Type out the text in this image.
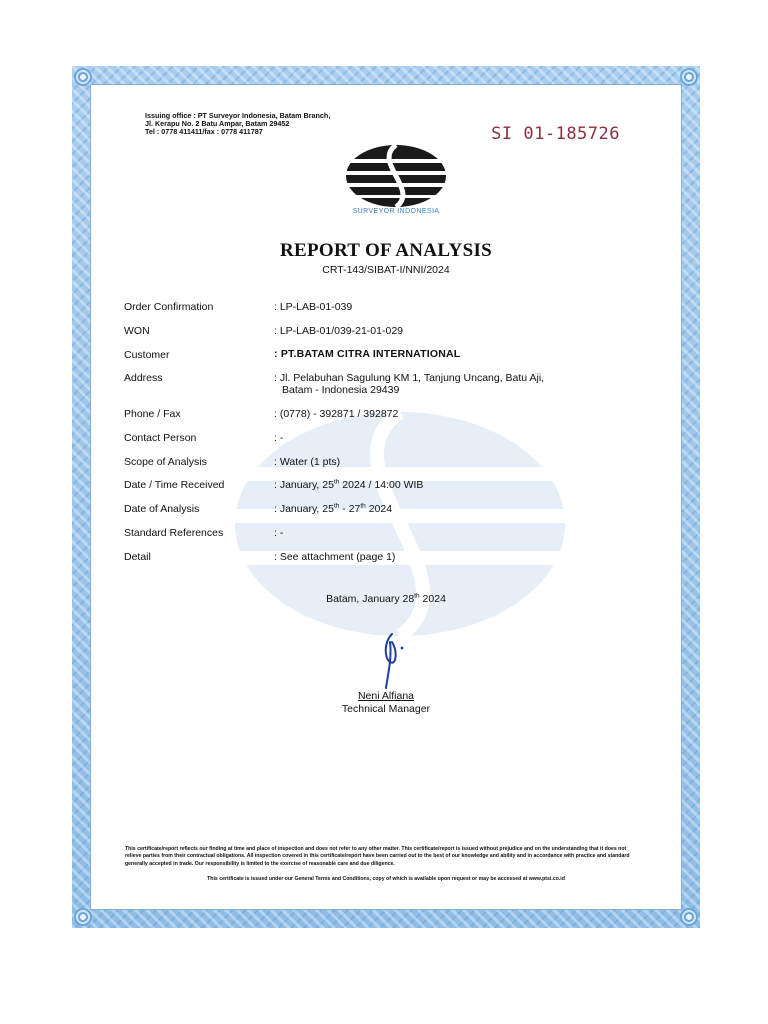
Issuing office : PT Surveyor Indonesia, Batam Branch,
Jl. Kerapu No. 2 Batu Ampar, Batam 29452
Tel : 0778 411411/fax : 0778 411787	SI 01-185726
SURVEYOR INDONESIA
REPORT OF ANALYSIS
CRT-143/SIBAT-I/NNI/2024
Order Confirmation	: LP-LAB-01-039
WON	: LP-LAB-01/039-21-01-029
Customer	: PT.BATAM CITRA INTERNATIONAL
Address	: Jl. Pelabuhan Sagulung KM 1, Tanjung Uncang, Batu Aji,
Batam - Indonesia 29439
Phone / Fax	: (0778) - 392871 / 392872
Contact Person	: -
Scope of Analysis	: Water (1 pts)
Date / Time Received	: January, 25th 2024 / 14:00 WIB
Date of Analysis	: January, 25th - 27th 2024
Standard References	: -
Detail	: See attachment (page 1)
Batam, January 28th 2024
Neni Alfiana
Technical Manager
This certificate/report reflects our finding at time and place of inspection and does not refer to any other matter. This certificate/report is issued without prejudice and on the understanding that it does not relieve parties from their contractual obligations. All inspection covered in this certificate/report have been carried out to the best of our knowledge and ability and in accordance with practice and standard generally accepted in trade. Our responsibility is limited to the exercise of reasonable care and due diligence.
This certificate is issued under our General Terms and Conditions, copy of which is available upon request or may be accessed at www.ptsi.co.id
